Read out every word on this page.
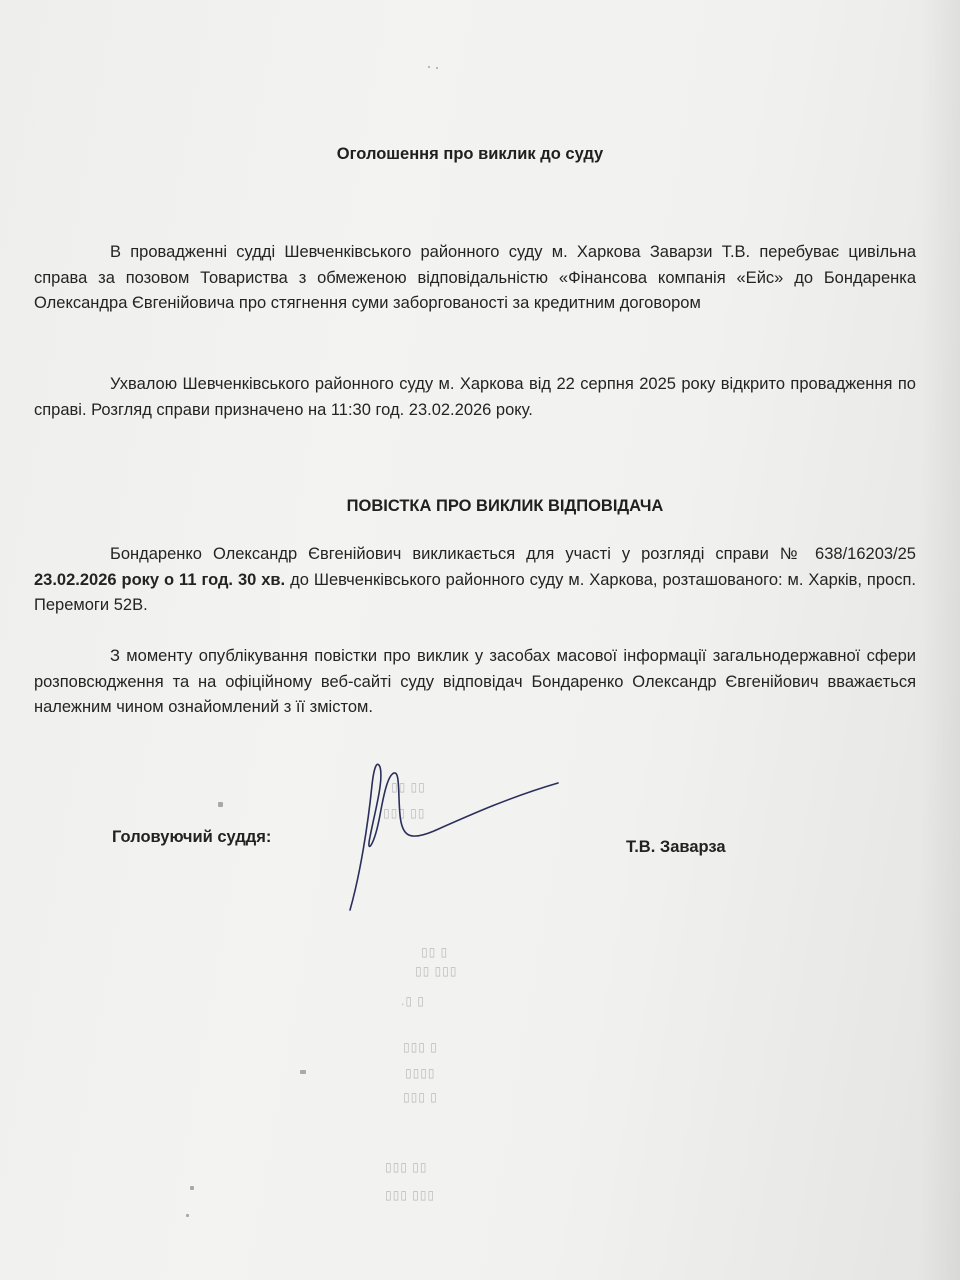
▯▯ ▯▯
▯▯ ▯▯▯
▯ ▯▯
▯▯▯ ▯▯
▯ ▯.
▯ ▯▯▯
▯▯▯▯
▯ ▯▯▯
▯▯ ▯▯▯
▯▯▯ ▯▯▯
Оголошення про виклик до суду
В провадженні судді Шевченківського районного суду м. Харкова Заварзи Т.В. перебуває цивільна справа за позовом Товариства з обмеженою відповідальністю «Фінансова компанія «Ейс» до Бондаренка Олександра Євгенійовича про стягнення суми заборгованості за кредитним договором
Ухвалою Шевченківського районного суду м. Харкова від 22 серпня 2025 року відкрито провадження по справі. Розгляд справи призначено на 11:30 год. 23.02.2026 року.
ПОВІСТКА ПРО ВИКЛИК ВІДПОВІДАЧА
Бондаренко Олександр Євгенійович викликається для участі у розгляді справи № 638/16203/25 23.02.2026 року о 11 год. 30 хв. до Шевченківського районного суду м. Харкова, розташованого: м. Харків, просп. Перемоги 52В.
З моменту опублікування повістки про виклик у засобах масової інформації загальнодержавної сфери розповсюдження та на офіційному веб-сайті суду відповідач Бондаренко Олександр Євгенійович вважається належним чином ознайомлений з її змістом.
Головуючий суддя:
Т.В. Заварза
